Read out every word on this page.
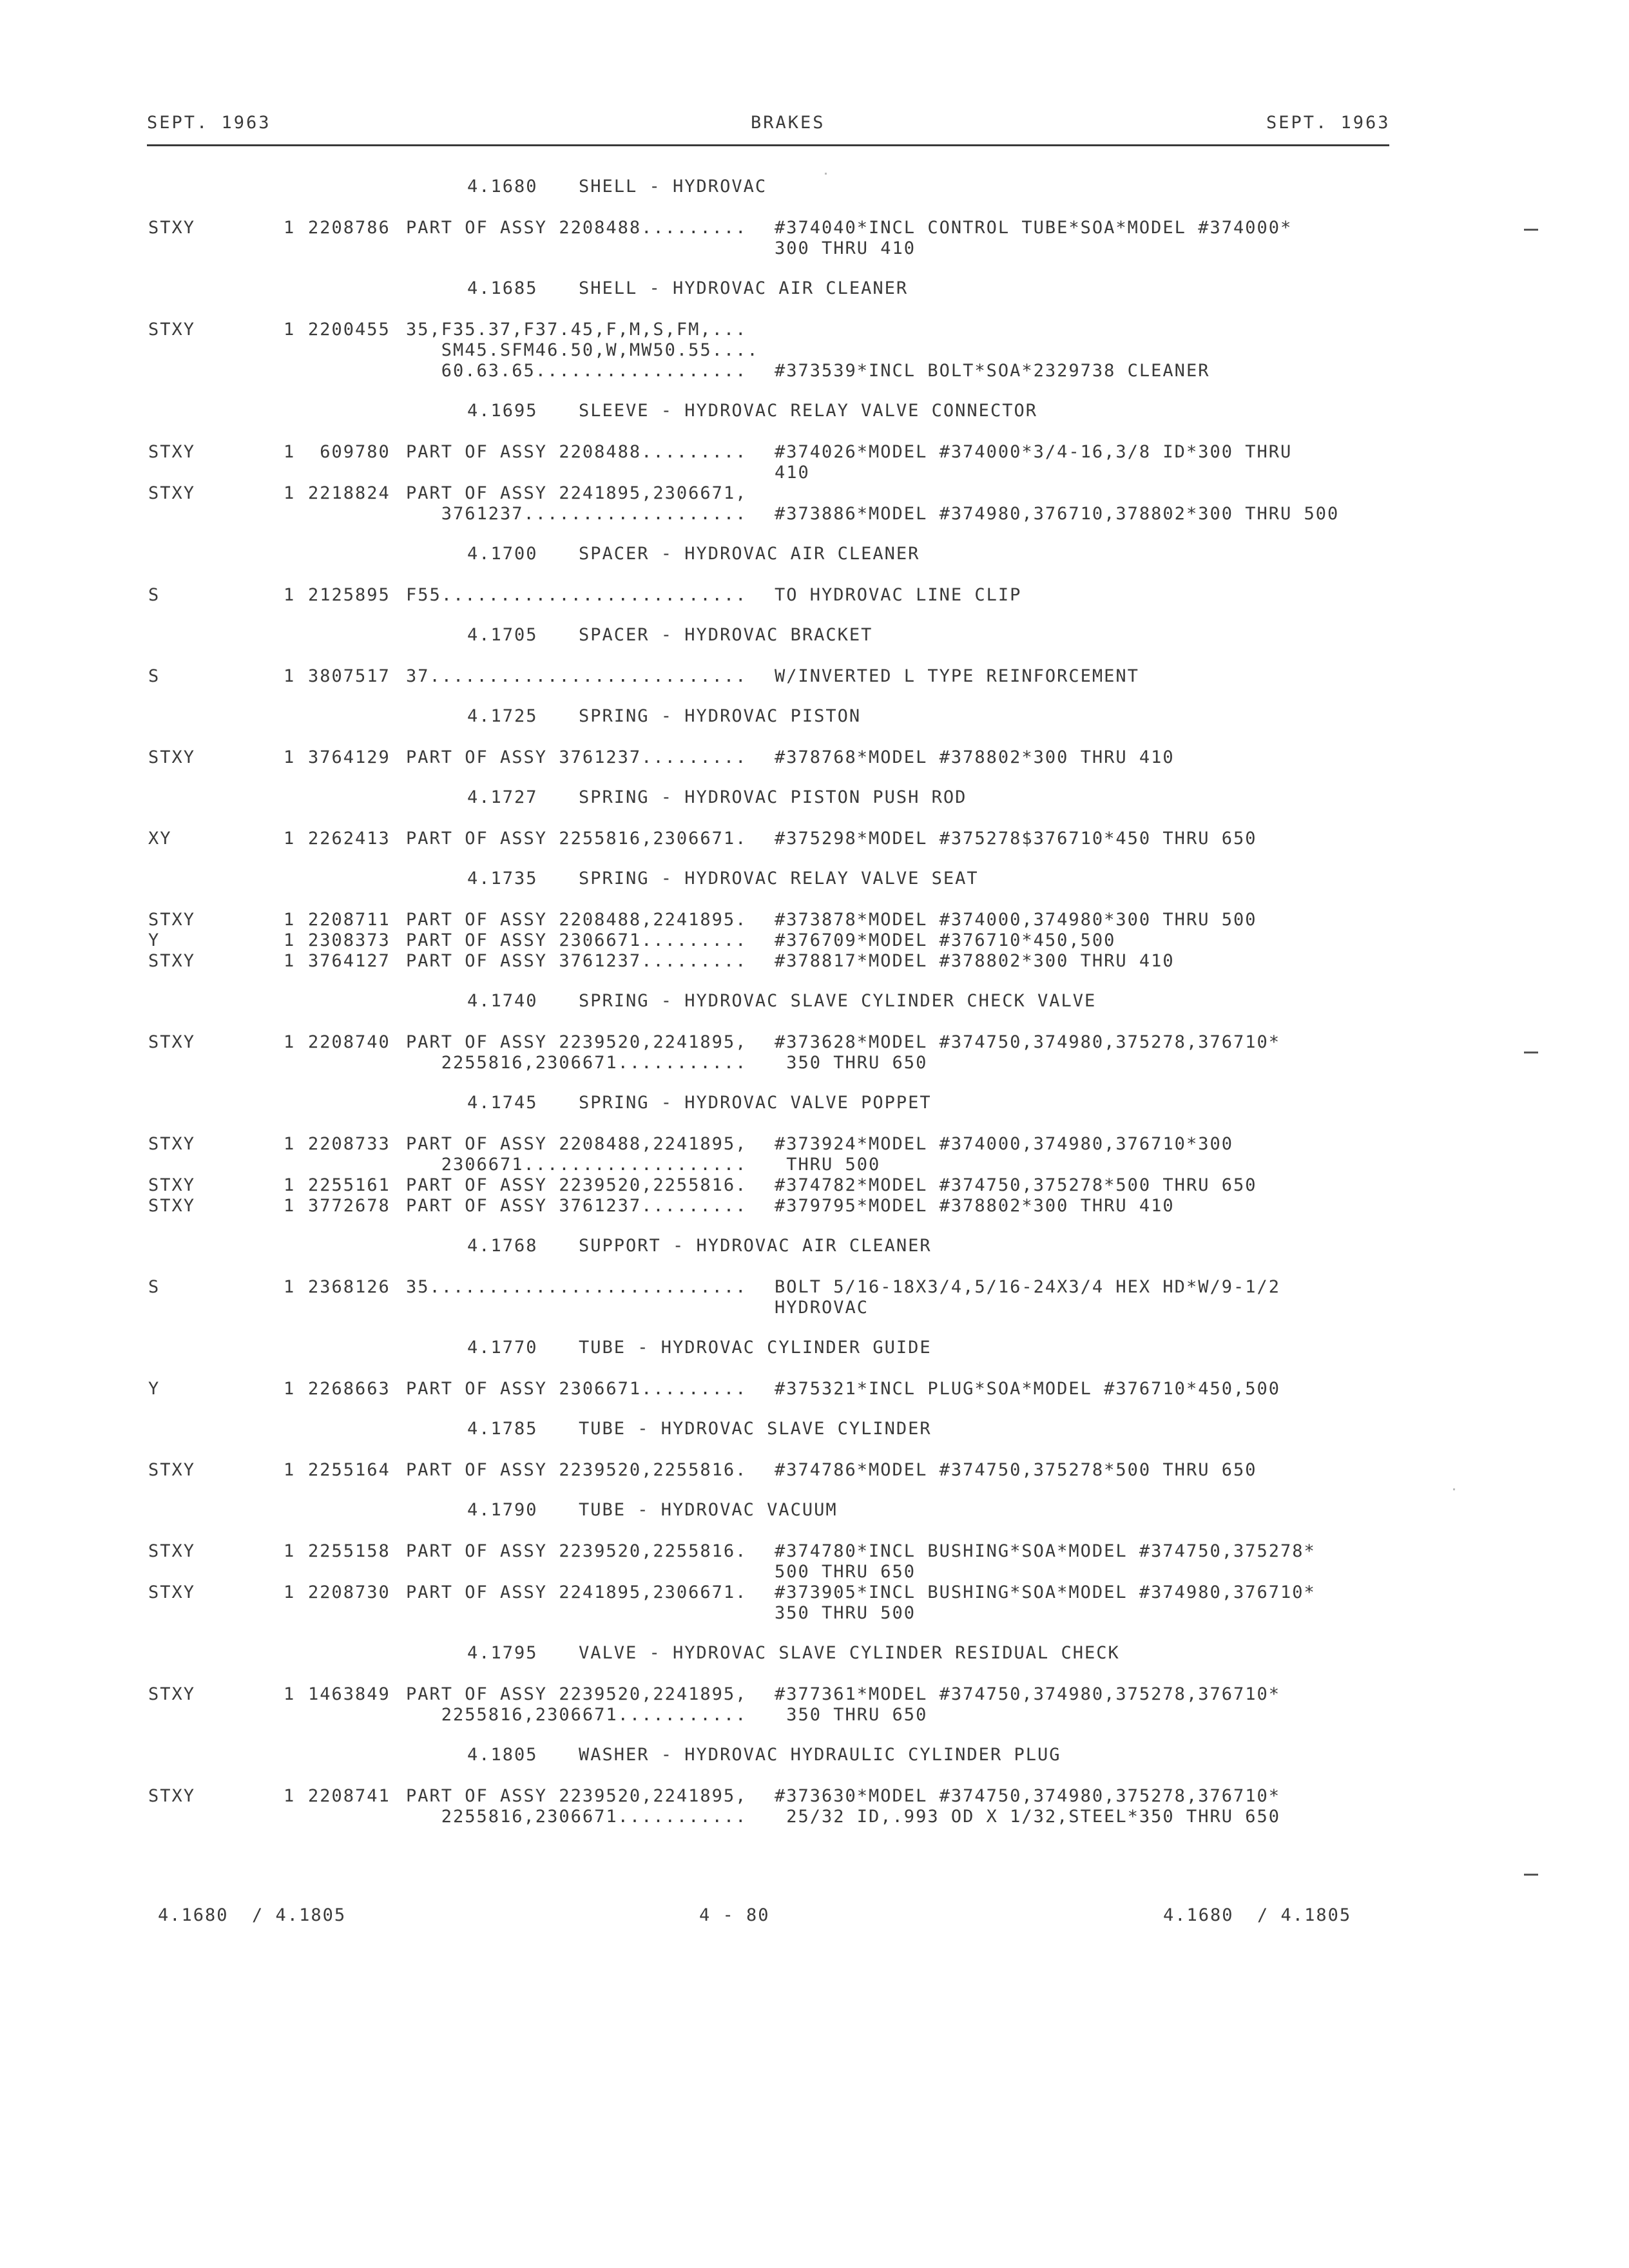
SEPT. 1963	BRAKES	SEPT. 1963
4.1680 SHELL - HYDROVAC
STXY	1 2208786 PART OF ASSY 2208488......... #374040*INCL CONTROL TUBE*SOA*MODEL #374000*
300 THRU 410
4.1685 SHELL - HYDROVAC AIR CLEANER
STXY	1 2200455 35,F35.37,F37.45,F,M,S,FM,...
SM45.SFM46.50,W,MW50.55....
60.63.65.................. #373539*INCL BOLT*SOA*2329738 CLEANER
4.1695 SLEEVE - HYDROVAC RELAY VALVE CONNECTOR
STXY	1 609780 PART OF ASSY 2208488......... #374026*MODEL #374000*3/4-16,3/8 ID*300 THRU
410
STXY	1 2218824 PART OF ASSY 2241895,2306671,
3761237................... #373886*MODEL #374980,376710,378802*300 THRU 500
4.1700 SPACER - HYDROVAC AIR CLEANER
S	1 2125895 F55.......................... TO HYDROVAC LINE CLIP
4.1705 SPACER - HYDROVAC BRACKET
S	1 3807517 37........................... W/INVERTED L TYPE REINFORCEMENT
4.1725 SPRING - HYDROVAC PISTON
STXY	1 3764129 PART OF ASSY 3761237......... #378768*MODEL #378802*300 THRU 410
4.1727 SPRING - HYDROVAC PISTON PUSH ROD
XY	1 2262413 PART OF ASSY 2255816,2306671. #375298*MODEL #375278$376710*450 THRU 650
4.1735 SPRING - HYDROVAC RELAY VALVE SEAT
STXY	1 2208711 PART OF ASSY 2208488,2241895. #373878*MODEL #374000,374980*300 THRU 500
Y	1 2308373 PART OF ASSY 2306671......... #376709*MODEL #376710*450,500
STXY	1 3764127 PART OF ASSY 3761237......... #378817*MODEL #378802*300 THRU 410
4.1740 SPRING - HYDROVAC SLAVE CYLINDER CHECK VALVE
STXY	1 2208740 PART OF ASSY 2239520,2241895, #373628*MODEL #374750,374980,375278,376710*
2255816,2306671........... 350 THRU 650
4.1745 SPRING - HYDROVAC VALVE POPPET
STXY	1 2208733 PART OF ASSY 2208488,2241895, #373924*MODEL #374000,374980,376710*300
2306671................... THRU 500
STXY	1 2255161 PART OF ASSY 2239520,2255816. #374782*MODEL #374750,375278*500 THRU 650
STXY	1 3772678 PART OF ASSY 3761237......... #379795*MODEL #378802*300 THRU 410
4.1768 SUPPORT - HYDROVAC AIR CLEANER
S	1 2368126 35........................... BOLT 5/16-18X3/4,5/16-24X3/4 HEX HD*W/9-1/2
HYDROVAC
4.1770 TUBE - HYDROVAC CYLINDER GUIDE
Y	1 2268663 PART OF ASSY 2306671......... #375321*INCL PLUG*SOA*MODEL #376710*450,500
4.1785 TUBE - HYDROVAC SLAVE CYLINDER
STXY	1 2255164 PART OF ASSY 2239520,2255816. #374786*MODEL #374750,375278*500 THRU 650
4.1790 TUBE - HYDROVAC VACUUM
STXY	1 2255158 PART OF ASSY 2239520,2255816. #374780*INCL BUSHING*SOA*MODEL #374750,375278*
500 THRU 650
STXY	1 2208730 PART OF ASSY 2241895,2306671. #373905*INCL BUSHING*SOA*MODEL #374980,376710*
350 THRU 500
4.1795 VALVE - HYDROVAC SLAVE CYLINDER RESIDUAL CHECK
STXY	1 1463849 PART OF ASSY 2239520,2241895, #377361*MODEL #374750,374980,375278,376710*
2255816,2306671........... 350 THRU 650
4.1805 WASHER - HYDROVAC HYDRAULIC CYLINDER PLUG
STXY	1 2208741 PART OF ASSY 2239520,2241895, #373630*MODEL #374750,374980,375278,376710*
2255816,2306671........... 25/32 ID,.993 OD X 1/32,STEEL*350 THRU 650
4.1680  / 4.1805	4 - 80	4.1680  / 4.1805
